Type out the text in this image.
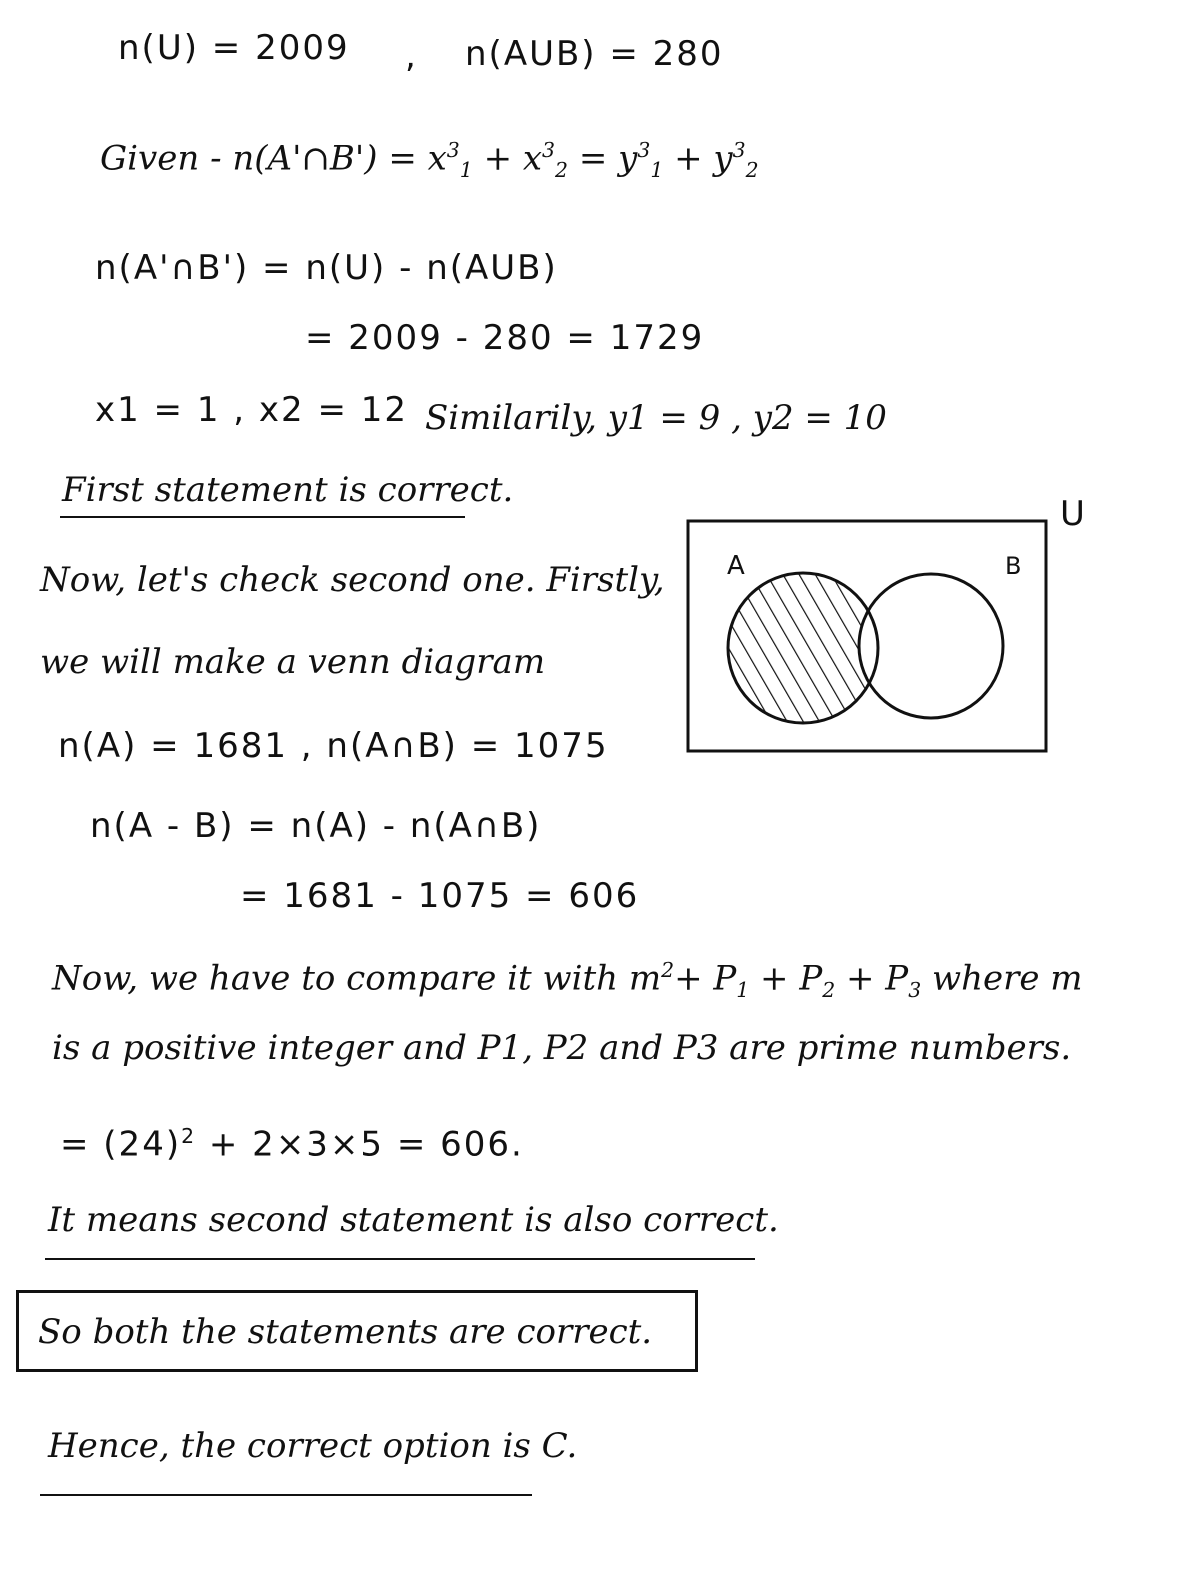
n(U) = 2009 , n(AUB) = 280
Given - n(A'∩B') = $x^3_1 + x^3_2 = y^3_1 + y^3_2$
n(A'∩B') = n(U) - n(AUB)
= 2009 - 280 = 1729
x1 = 1 , x2 = 12 Similarily, y1 = 9 , y2 = 10
First statement is correct.
U
A	B
Now, let's check second one. Firstly,
we will make a venn diagram
n(A) = 1681 , n(A∩B) = 1075
n(A - B) = n(A) - n(A∩B)
= 1681 - 1075 = 606
Now, we have to compare it with $m^2+ P_1 + P_2 + P_3$ where m
is a positive integer and P1, P2 and P3 are prime numbers.
= $(24)^2 + 2\times 3\times 5 = 606$.
It means second statement is also correct.
So both the statements are correct.
Hence, the correct option is C.
